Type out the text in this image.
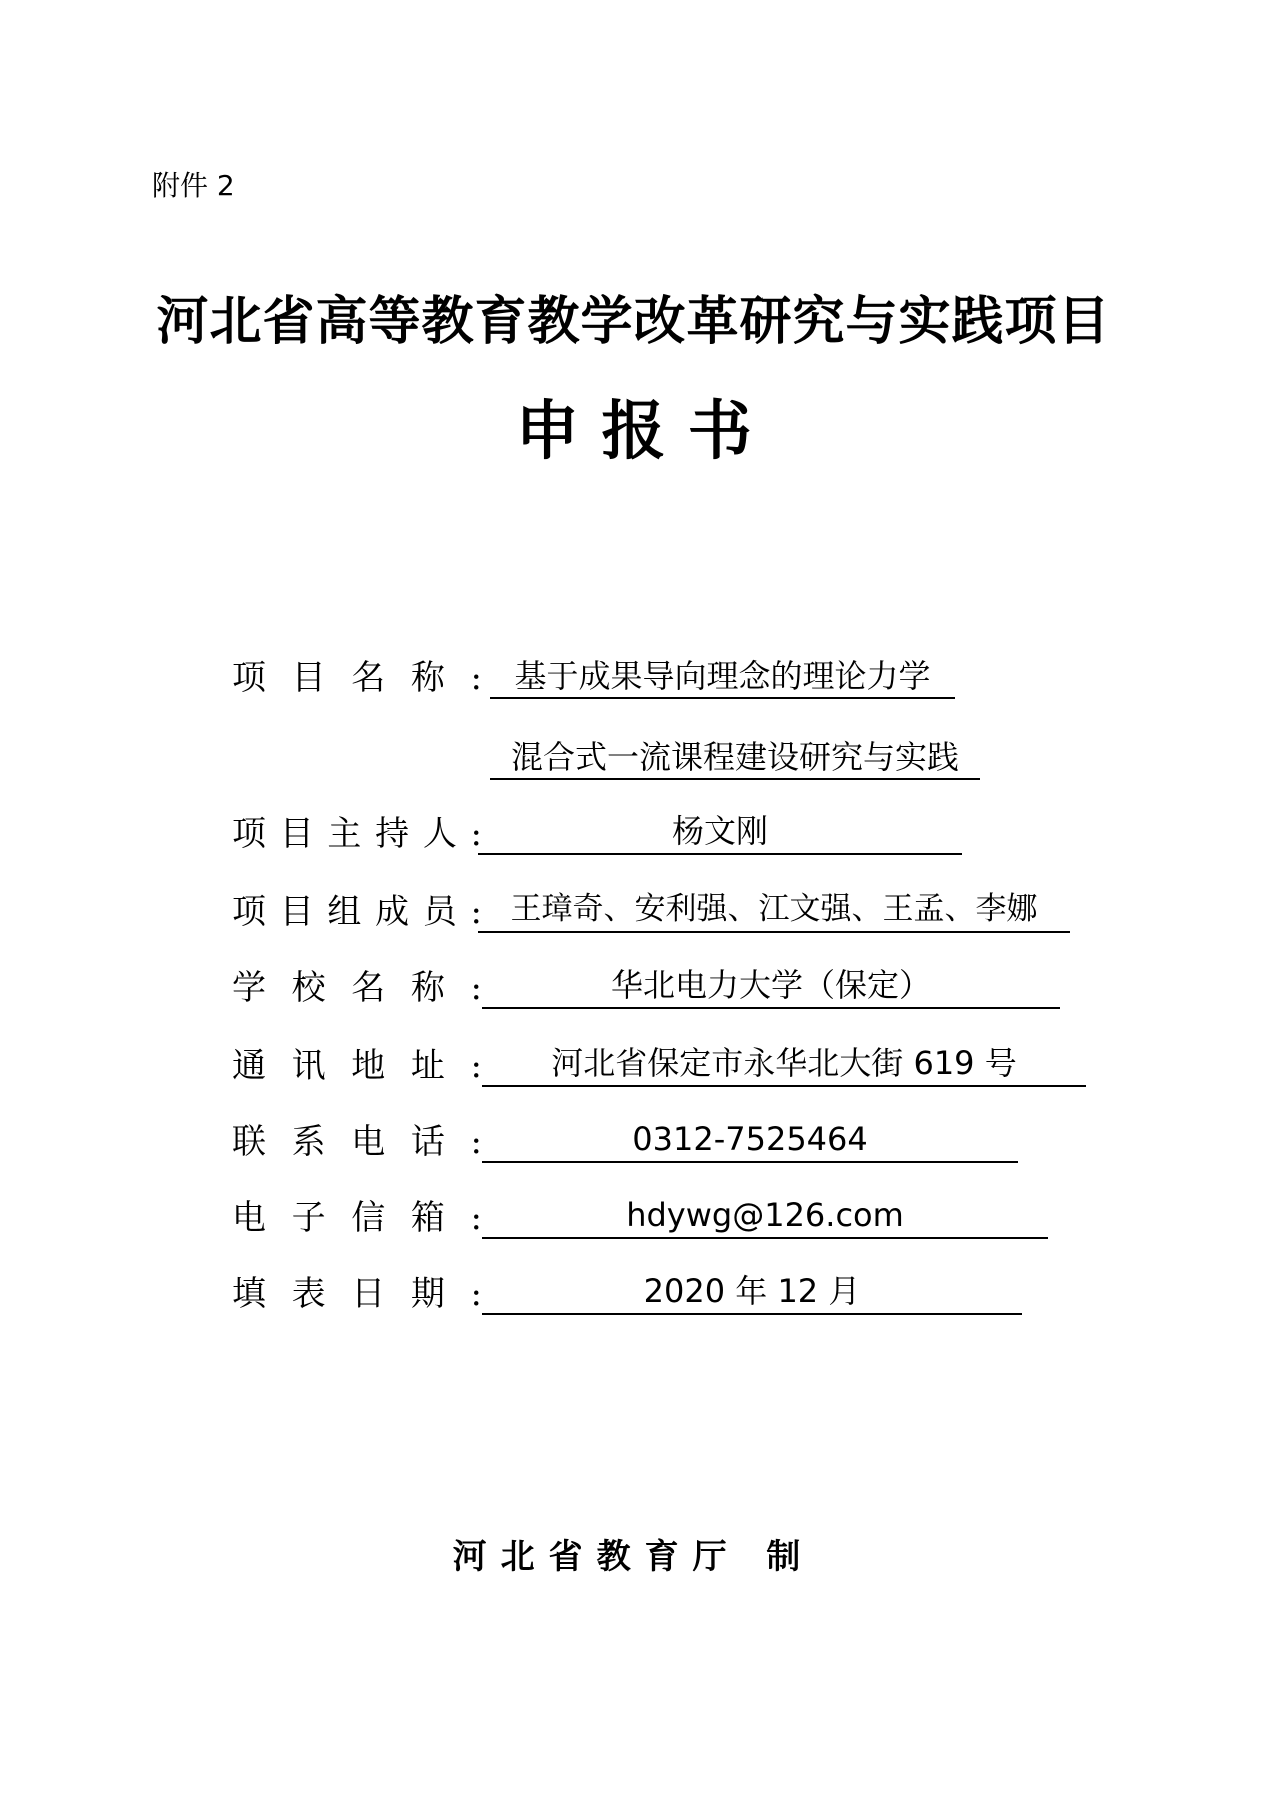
附件 2
河北省高等教育教学改革研究与实践项目
申 报 书
项 目 名 称 :	基于成果导向理念的理论力学
混合式一流课程建设研究与实践
项 目 主 持 人 :	杨文刚
项 目 组 成 员 : 王璋奇、安利强、江文强、王孟、李娜
学 校 名 称 :	华北电力大学（保定）
通 讯 地 址 :	河北省保定市永华北大街 619 号
联 系 电 话 :	0312-7525464
电 子 信 箱 :	hdywg@126.com
填 表 日 期 :	2020 年 12 月
河北省教育厅 制
